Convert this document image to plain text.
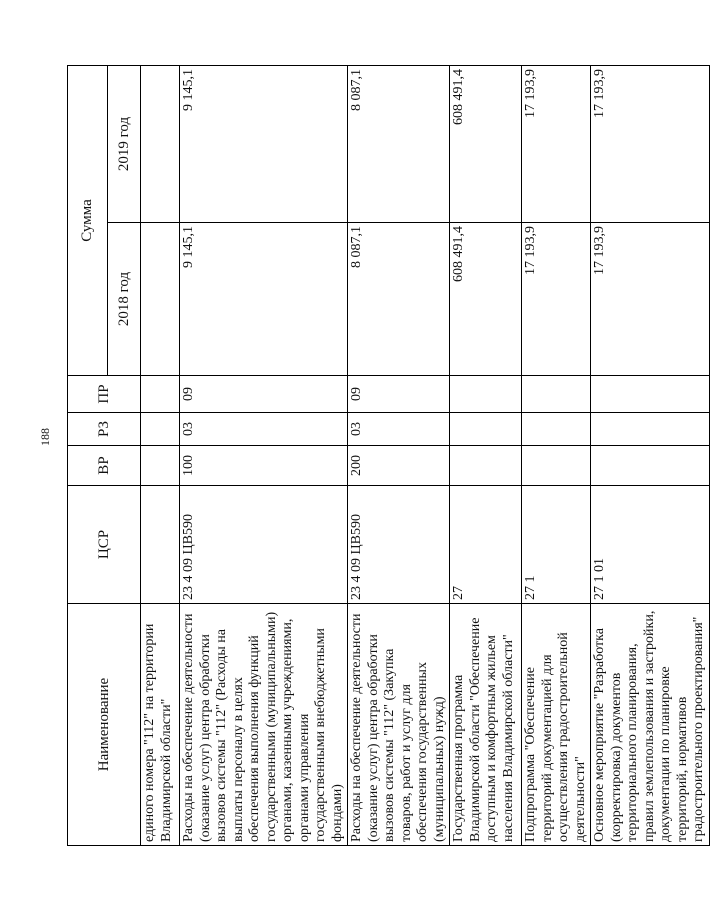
188
Наименование	ЦСР	ВР	РЗ	ПР	Сумма	
					2018 год	2019 год
единого номера "112" на территории Владимирской области"						
Расходы на обеспечение деятельности (оказание услуг) центра обработки вызовов системы "112" (Расходы на выплаты персоналу в целях обеспечения выполнения функций государственными (муниципальными) органами, казенными учреждениями, органами управления государственными внебюджетными фондами)	23 4 09 ЦВ590	100	03	09	9 145,1	9 145,1
Расходы на обеспечение деятельности (оказание услуг) центра обработки вызовов системы "112" (Закупка товаров, работ и услуг для обеспечения государственных (муниципальных) нужд)	23 4 09 ЦВ590	200	03	09	8 087,1	8 087,1
Государственная программа Владимирской области "Обеспечение доступным и комфортным жильем населения Владимирской области"	27				608 491,4	608 491,4
Подпрограмма "Обеспечение территорий документацией для осуществления градостроительной деятельности"	27 1				17 193,9	17 193,9
Основное мероприятие "Разработка (корректировка) документов территориального планирования, правил землепользования и застройки, документации по планировке территорий, нормативов градостроительного проектирования"	27 1 01				17 193,9	17 193,9
